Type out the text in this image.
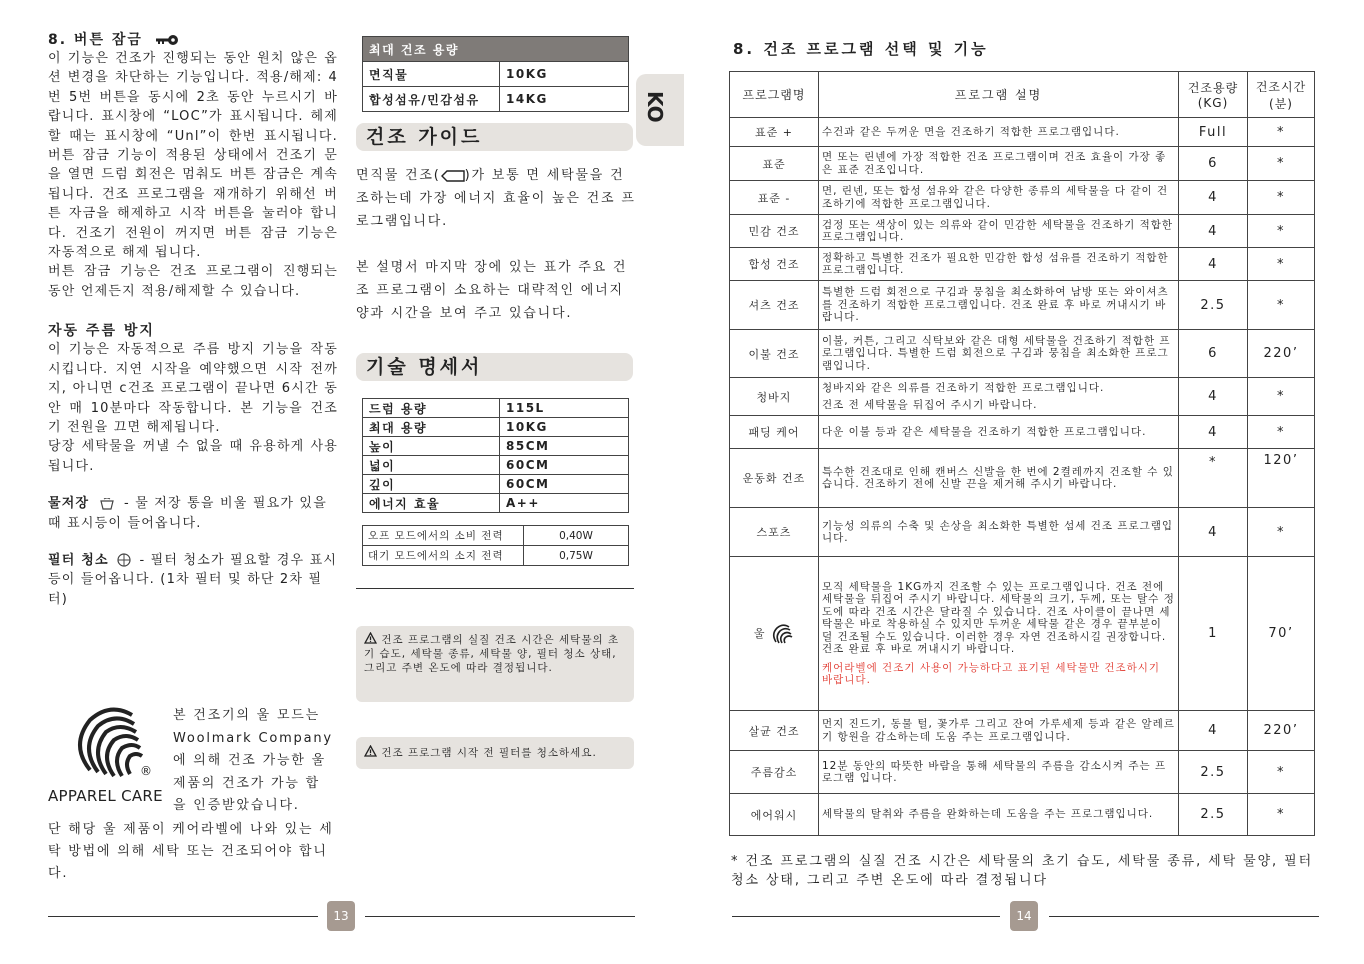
8. 버튼 잠금
이 기능은 건조가 진행되는 동안 원치 않은 옵션 변경을 차단하는 기능입니다. 적용/해제: 4번 5번 버튼을 동시에 2초 동안 누르시기 바랍니다. 표시창에 “LOC”가 표시됩니다. 헤제 할 때는 표시창에 “Unl”이 한번 표시됩니다. 버튼 잠금 기능이 적용된 상태에서 건조기 문을 열면 드럼 회전은 멈춰도 버튼 잠금은 계속됩니다. 건조 프로그램을 재개하기 위해선 버튼 자금을 해제하고 시작 버튼을 눌러야 합니다. 건조기 전원이 꺼지면 버튼 잠금 기능은 자동적으로 해제 됩니다.
버튼 잠금 기능은 건조 프로그램이 진행되는 동안 언제든지 적용/해제할 수 있습니다.
자동 주름 방지
이 기능은 자동적으로 주름 방지 기능을 작동 시킵니다. 지연 시작을 예약했으면 시작 전까지, 아니면 c건조 프로그램이 끝나면 6시간 동안 매 10분마다 작동합니다. 본 기능을 건조기 전원을 끄면 해제됩니다.
당장 세탁물을 꺼낼 수 없을 때 유용하게 사용됩니다.
물저장	- 물 저장 통을 비울 필요가 있을 때 표시등이 들어옵니다.
필터 청소 - 필터 청소가 필요할 경우 표시등이 들어옵니다. (1차 필터 및 하단 2차 필터)
®
APPAREL CARE
본 건조기의 울 모드는 Woolmark Company 에 의해 건조 가능한 울 제품의 건조가 가능 합을 인증받았습니다.
단 해당 울 제품이 케어라벨에 나와 있는 세탁 방법에 의해 세탁 또는 건조되어야 합니다.
13
최대 건조 용량	
면직물	10KG
합성섬유/민감섬유	14KG	KO
건조 가이드
면직물 건조( )가 보통 면 세탁물을 건조하는데 가장 에너지 효율이 높은 건조 프로그램입니다.
본 설명서 마지막 장에 있는 표가 주요 건조 프로그램이 소요하는 대략적인 에너지양과 시간을 보여 주고 있습니다.
기술 명세서
드럼 용량	115L
최대 용량	10KG
높이	85CM
넓이	60CM
깊이	60CM
에너지 효율	A++
오프 모드에서의 소비 전력	0,40W
대기 모드에서의 소지 전력	0,75W
건조 프로그램의 실질 건조 시간은 세탁물의 초기 습도, 세탁물 종류, 세탁물 양, 필터 청소 상태, 그리고 주변 온도에 따라 결정됩니다.
건조 프로그램 시작 전 필터를 청소하세요.
8. 건조 프로그램 선택 및 기능
프로그램명	프로그램 설명	건조용량 (KG)	건조시간 (분)
표준 +	수건과 같은 두꺼운 면을 건조하기 적합한 프로그램입니다.	Full	*
표준	면 또는 린넨에 가장 적합한 건조 프로그램이며 건조 효율이 가장 좋은 표준 건조입니다.	6	*
표준 -	면, 린넨, 또는 합성 섬유와 같은 다양한 종류의 세탁물을 다 같이 건조하기에 적합한 프로그램입니다.	4	*
민감 건조	검정 또는 색상이 있는 의류와 같이 민감한 세탁물을 건조하기 적합한 프로그램입니다.	4	*
합성 건조	정확하고 특별한 건조가 필요한 민감한 합성 섬유를 건조하기 적합한 프로그램입니다.	4	*
셔츠 건조	특별한 드럼 회전으로 구김과 뭉침을 최소화하여 남방 또는 와이셔츠를 건조하기 적합한 프로그램입니다. 건조 완료 후 바로 꺼내시기 바랍니다.	2.5	*
이불 건조	이불, 커튼, 그리고 식탁보와 같은 대형 세탁물을 건조하기 적합한 프로그램입니다. 특별한 드럼 회전으로 구김과 뭉침을 최소화한 프로그램입니다.	6	220’
청바지	청바지와 같은 의류를 건조하기 적합한 프로그램입니다.
건조 전 세탁물을 뒤집어 주시기 바랍니다.	4	*
패딩 케어	다운 이불 등과 같은 세탁물을 건조하기 적합한 프로그램입니다.	4	*
운동화 건조	특수한 건조대로 인해 캔버스 신발을 한 번에 2켤레까지 건조할 수 있습니다. 건조하기 전에 신발 끈을 제거해 주시기 바랍니다.	*	120’
스포츠	기능성 의류의 수축 및 손상을 최소화한 특별한 섬세 건조 프로그램입니다.	4	*
울	모직 세탁물을 1KG까지 건조할 수 있는 프로그램입니다. 건조 전에 세탁물을 뒤집어 주시기 바랍니다. 세탁물의 크기, 두께, 또는 탈수 정도에 따라 건조 시간은 달라질 수 있습니다. 건조 사이클이 끝나면 세탁물은 바로 착용하실 수 있지만 두꺼운 세탁물 같은 경우 끝부분이 덜 건조될 수도 있습니다. 이러한 경우 자연 건조하시길 권장합니다. 건조 완료 후 바로 꺼내시기 바랍니다.
케어라벨에 건조기 사용이 가능하다고 표기된 세탁물만 건조하시기 바랍니다.	1	70’
살균 건조	먼지 진드기, 동물 털, 꽃가루 그리고 잔여 가루세제 등과 같은 알레르기 항원을 감소하는데 도움 주는 프로그램입니다.	4	220’
주름감소	12분 동안의 따뜻한 바람을 통해 세탁물의 주름을 감소시켜 주는 프로그램 입니다.	2.5	*
에어워시	세탁물의 탈취와 주름을 완화하는데 도움을 주는 프로그램입니다.	2.5	*
* 건조 프로그램의 실질 건조 시간은 세탁물의 초기 습도, 세탁물 종류, 세탁 물양, 필터 청소 상태, 그리고 주변 온도에 따라 결정됩니다
14
